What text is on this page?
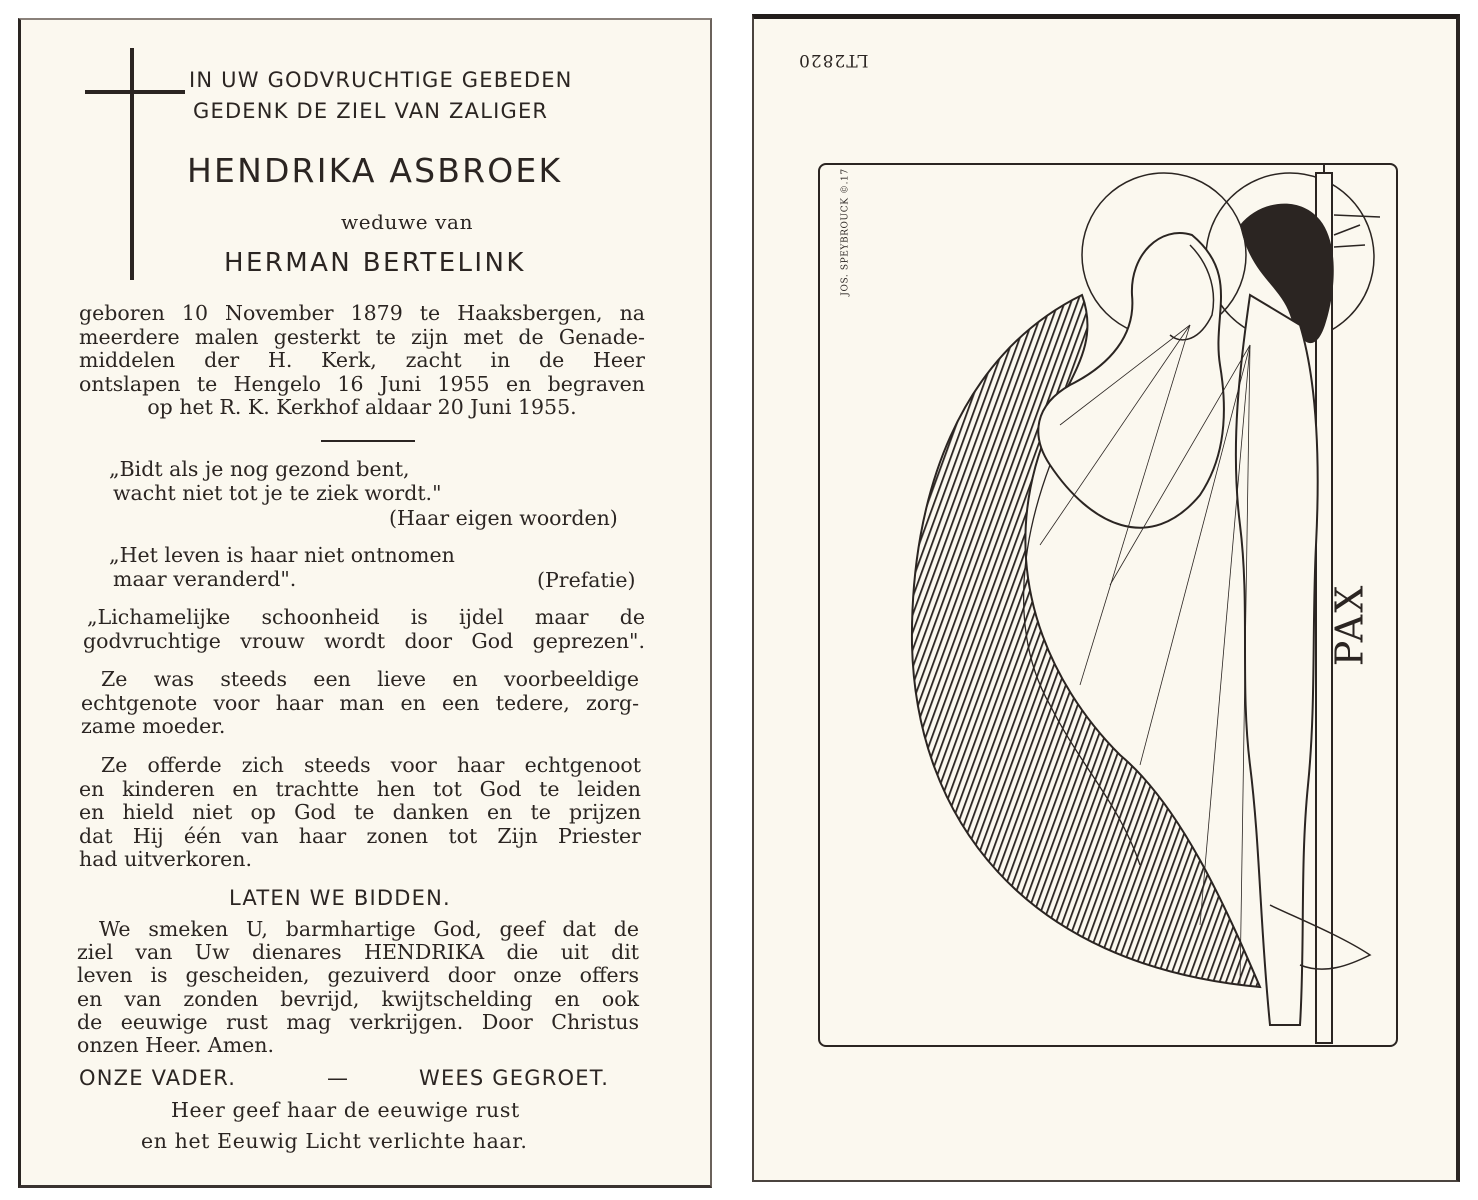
IN UW GODVRUCHTIGE GEBEDEN
GEDENK DE ZIEL VAN ZALIGER
HENDRIKA ASBROEK
weduwe van
HERMAN BERTELINK
geboren 10 November 1879 te Haaksbergen, na
meerdere malen gesterkt te zijn met de Genade-
middelen der H. Kerk, zacht in de Heer
ontslapen te Hengelo 16 Juni 1955 en begraven
op het R. K. Kerkhof aldaar 20 Juni 1955.
„Bidt als je nog gezond bent,
wacht niet tot je te ziek wordt."
(Haar eigen woorden)
„Het leven is haar niet ontnomen
maar veranderd".	(Prefatie)
„Lichamelijke schoonheid is ijdel maar de
godvruchtige vrouw wordt door God geprezen".
Ze was steeds een lieve en voorbeeldige
echtgenote voor haar man en een tedere, zorg-
zame moeder.
Ze offerde zich steeds voor haar echtgenoot
en kinderen en trachtte hen tot God te leiden
en hield niet op God te danken en te prijzen
dat Hij één van haar zonen tot Zijn Priester
had uitverkoren.
LATEN WE BIDDEN.
We smeken U, barmhartige God, geef dat de
ziel van Uw dienares HENDRIKA die uit dit
leven is gescheiden, gezuiverd door onze offers
en van zonden bevrijd, kwijtschelding en ook
de eeuwige rust mag verkrijgen. Door Christus
onzen Heer. Amen.
ONZE VADER.	—	WEES GEGROET.
Heer geef haar de eeuwige rust
en het Eeuwig Licht verlichte haar.
LT2820
JOS. SPEYBROUCK ©.17
PAX
